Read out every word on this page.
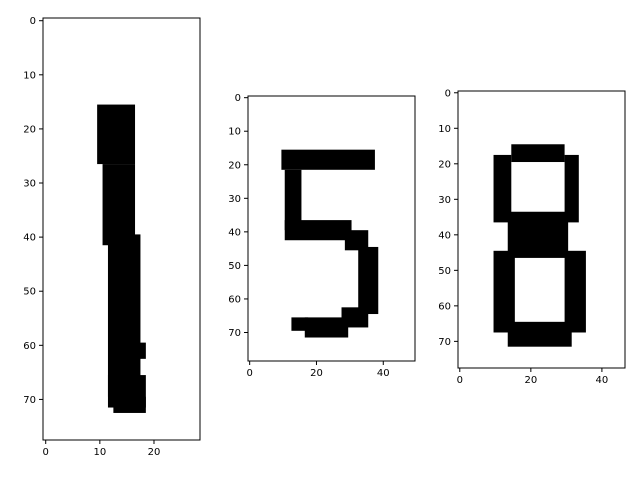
0	10	20
0
10
20
30
40
50
60
70
0	20	40
0
10
20
30
40
50
60
70
0	20	40
0
10
20
30
40
50
60
70
